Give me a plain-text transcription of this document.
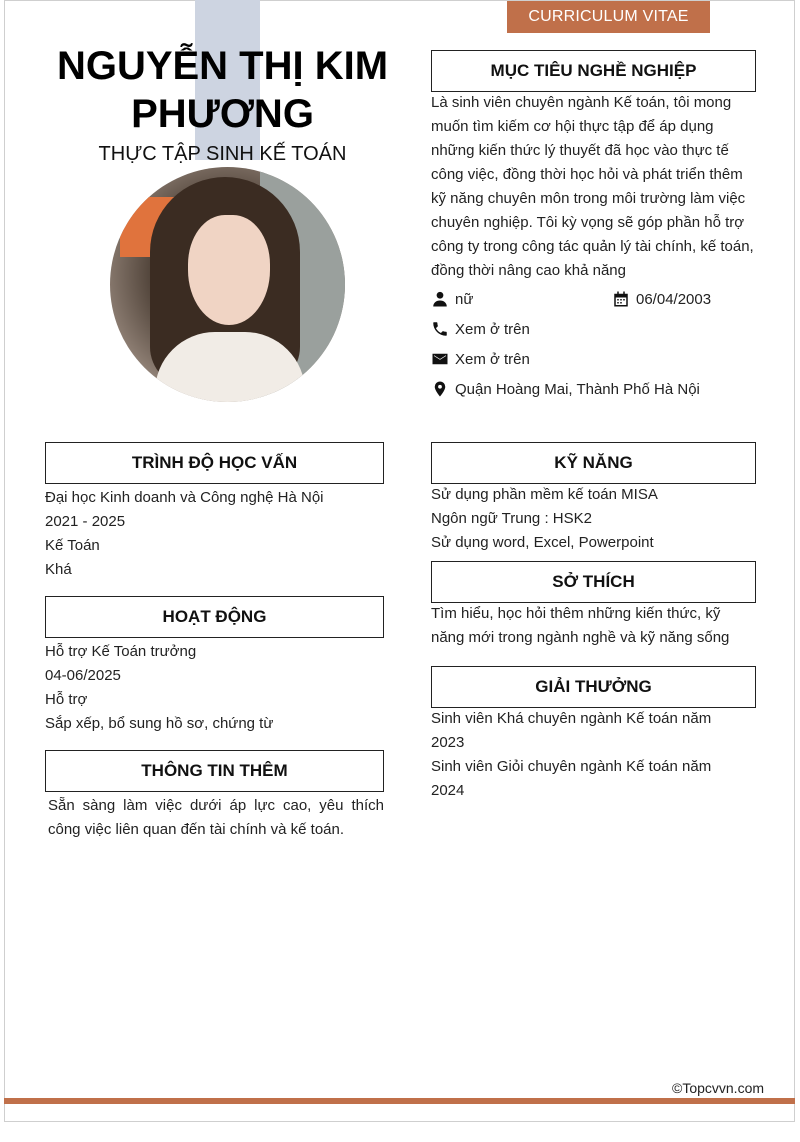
CURRICULUM VITAE
NGUYỄN THỊ KIM PHƯƠNG
THỰC TẬP SINH KẾ TOÁN
MỤC TIÊU NGHỀ NGHIỆP
Là sinh viên chuyên ngành Kế toán, tôi mong muốn tìm kiếm cơ hội thực tập để áp dụng những kiến thức lý thuyết đã học vào thực tế công việc, đồng thời học hỏi và phát triển thêm kỹ năng chuyên môn trong môi trường làm việc chuyên nghiệp. Tôi kỳ vọng sẽ góp phần hỗ trợ công ty trong công tác quản lý tài chính, kế toán, đồng thời nâng cao khả năng
nữ	06/04/2003
Xem ở trên
Xem ở trên
Quận Hoàng Mai, Thành Phố Hà Nội
TRÌNH ĐỘ HỌC VẤN
Đại học Kinh doanh và Công nghệ Hà Nội
2021 - 2025
Kế Toán
Khá
HOẠT ĐỘNG
Hỗ trợ Kế Toán trưởng
04-06/2025
Hỗ trợ
Sắp xếp, bổ sung hồ sơ, chứng từ
THÔNG TIN THÊM
Sẵn sàng làm việc dưới áp lực cao, yêu thích công việc liên quan đến tài chính và kế toán.
KỸ NĂNG
Sử dụng phần mềm kế toán MISA
Ngôn ngữ Trung : HSK2
Sử dụng word, Excel, Powerpoint
SỞ THÍCH
Tìm hiểu, học hỏi thêm những kiến thức, kỹ năng mới trong ngành nghề và kỹ năng sống
GIẢI THƯỞNG
Sinh viên Khá chuyên ngành Kế toán năm
2023
Sinh viên Giỏi chuyên ngành Kế toán năm
2024
©Topcvvn.com
